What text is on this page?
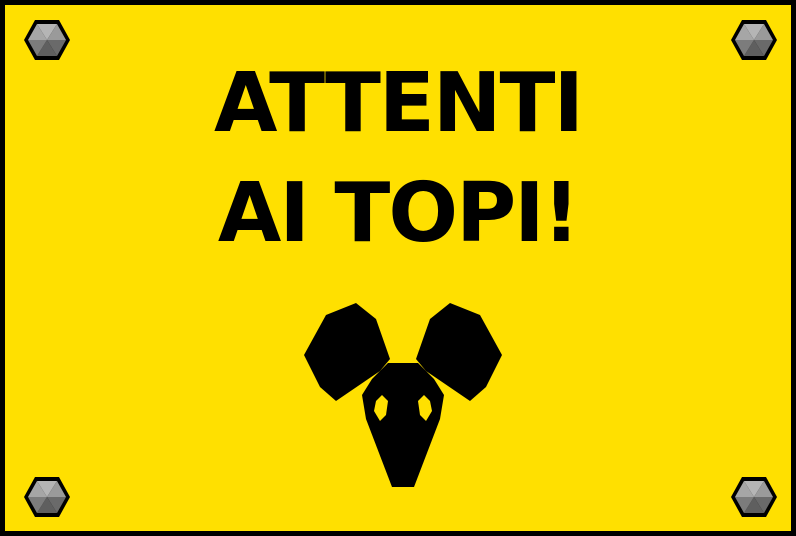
ATTENTI
AI TOPI!
